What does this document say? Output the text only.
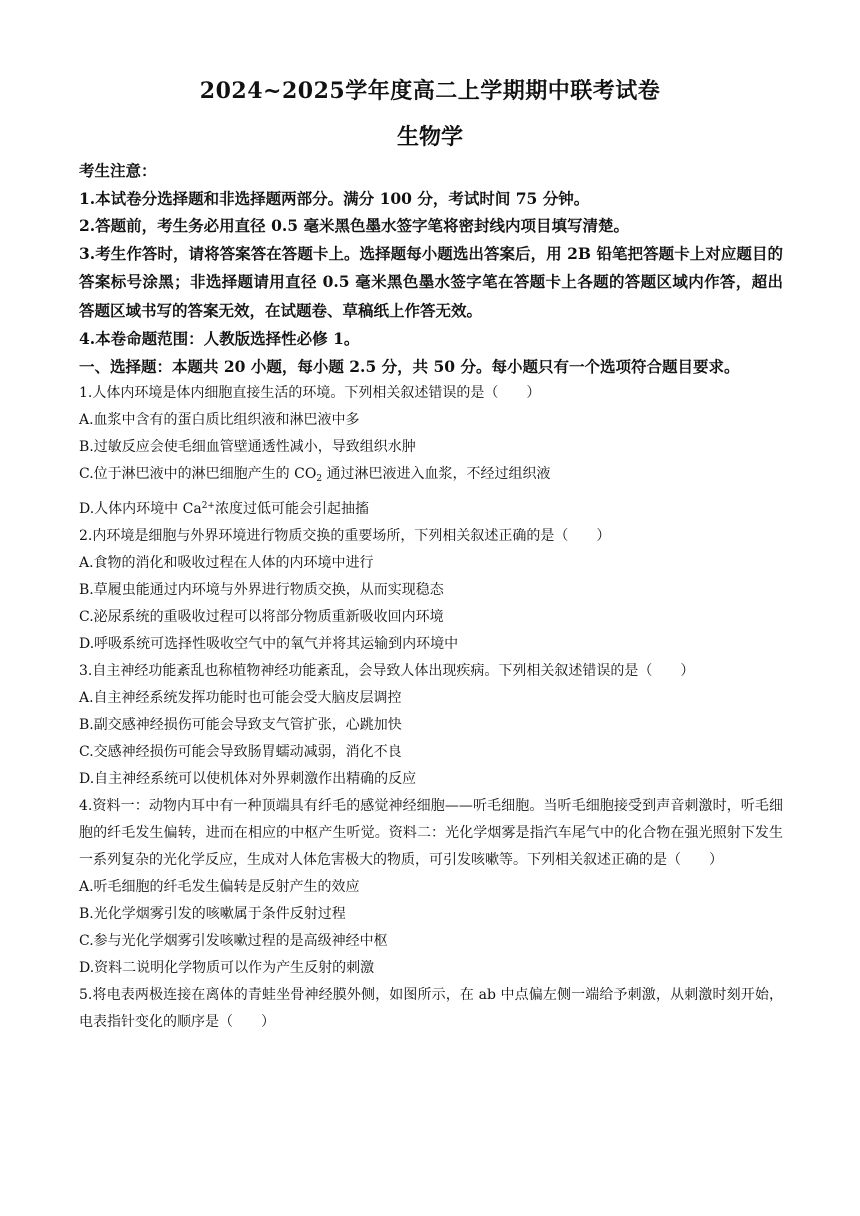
2024~2025学年度高二上学期期中联考试卷
生物学

考生注意：

1.本试卷分选择题和非选择题两部分。满分 100 分，考试时间 75 分钟。

2.答题前，考生务必用直径 0.5 毫米黑色墨水签字笔将密封线内项目填写清楚。

3.考生作答时，请将答案答在答题卡上。选择题每小题选出答案后，用 2B 铅笔把答题卡上对应题目的答案标号涂黑；非选择题请用直径 0.5 毫米黑色墨水签字笔在答题卡上各题的答题区域内作答，超出答题区域书写的答案无效，在试题卷、草稿纸上作答无效。

4.本卷命题范围：人教版选择性必修 1。

一、选择题：本题共 20 小题，每小题 2.5 分，共 50 分。每小题只有一个选项符合题目要求。

1.人体内环境是体内细胞直接生活的环境。下列相关叙述错误的是（　　）

A.血浆中含有的蛋白质比组织液和淋巴液中多

B.过敏反应会使毛细血管壁通透性减小，导致组织水肿

C.位于淋巴液中的淋巴细胞产生的 $CO_2$ 通过淋巴液进入血浆，不经过组织液

D.人体内环境中 $Ca^{2+}$浓度过低可能会引起抽搐

2.内环境是细胞与外界环境进行物质交换的重要场所，下列相关叙述正确的是（　　）

A.食物的消化和吸收过程在人体的内环境中进行

B.草履虫能通过内环境与外界进行物质交换，从而实现稳态

C.泌尿系统的重吸收过程可以将部分物质重新吸收回内环境

D.呼吸系统可选择性吸收空气中的氧气并将其运输到内环境中

3.自主神经功能紊乱也称植物神经功能紊乱，会导致人体出现疾病。下列相关叙述错误的是（　　）

A.自主神经系统发挥功能时也可能会受大脑皮层调控

B.副交感神经损伤可能会导致支气管扩张，心跳加快

C.交感神经损伤可能会导致肠胃蠕动减弱，消化不良

D.自主神经系统可以使机体对外界刺激作出精确的反应

4.资料一：动物内耳中有一种顶端具有纤毛的感觉神经细胞——听毛细胞。当听毛细胞接受到声音刺激时，听毛细胞的纤毛发生偏转，进而在相应的中枢产生听觉。资料二：光化学烟雾是指汽车尾气中的化合物在强光照射下发生一系列复杂的光化学反应，生成对人体危害极大的物质，可引发咳嗽等。下列相关叙述正确的是（　　）

A.听毛细胞的纤毛发生偏转是反射产生的效应

B.光化学烟雾引发的咳嗽属于条件反射过程

C.参与光化学烟雾引发咳嗽过程的是高级神经中枢

D.资料二说明化学物质可以作为产生反射的刺激

5.将电表两极连接在离体的青蛙坐骨神经膜外侧，如图所示，在 ab 中点偏左侧一端给予刺激，从刺激时刻开始，电表指针变化的顺序是（　　）
